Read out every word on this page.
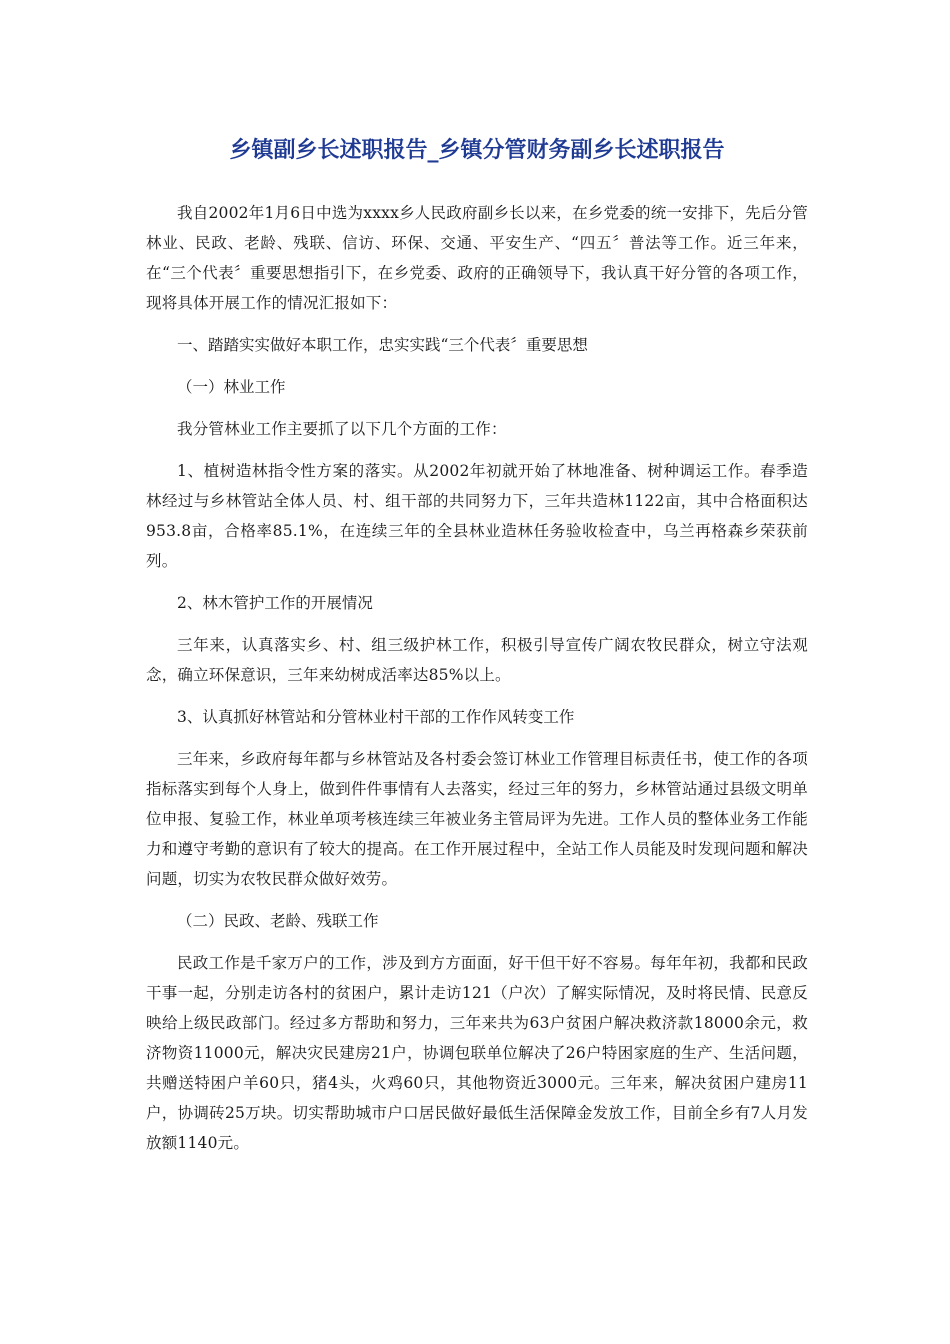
乡镇副乡长述职报告_乡镇分管财务副乡长述职报告

我自2002年1月6日中选为xxxx乡人民政府副乡长以来，在乡党委的统一安排下，先后分管林业、民政、老龄、残联、信访、环保、交通、平安生产、“四五〞普法等工作。近三年来，在“三个代表〞重要思想指引下，在乡党委、政府的正确领导下，我认真干好分管的各项工作，现将具体开展工作的情况汇报如下：

一、踏踏实实做好本职工作，忠实实践“三个代表〞重要思想

（一）林业工作

我分管林业工作主要抓了以下几个方面的工作：

1、植树造林指令性方案的落实。从2002年初就开始了林地准备、树种调运工作。春季造林经过与乡林管站全体人员、村、组干部的共同努力下，三年共造林1122亩，其中合格面积达953.8亩，合格率85.1%，在连续三年的全县林业造林任务验收检查中，乌兰再格森乡荣获前列。

2、林木管护工作的开展情况

三年来，认真落实乡、村、组三级护林工作，积极引导宣传广阔农牧民群众，树立守法观念，确立环保意识，三年来幼树成活率达85%以上。

3、认真抓好林管站和分管林业村干部的工作作风转变工作

三年来，乡政府每年都与乡林管站及各村委会签订林业工作管理目标责任书，使工作的各项指标落实到每个人身上，做到件件事情有人去落实，经过三年的努力，乡林管站通过县级文明单位申报、复验工作，林业单项考核连续三年被业务主管局评为先进。工作人员的整体业务工作能力和遵守考勤的意识有了较大的提高。在工作开展过程中，全站工作人员能及时发现问题和解决问题，切实为农牧民群众做好效劳。

（二）民政、老龄、残联工作

民政工作是千家万户的工作，涉及到方方面面，好干但干好不容易。每年年初，我都和民政干事一起，分别走访各村的贫困户，累计走访121（户次）了解实际情况，及时将民情、民意反映给上级民政部门。经过多方帮助和努力，三年来共为63户贫困户解决救济款18000余元，救济物资11000元，解决灾民建房21户，协调包联单位解决了26户特困家庭的生产、生活问题，共赠送特困户羊60只，猪4头，火鸡60只，其他物资近3000元。三年来，解决贫困户建房11户，协调砖25万块。切实帮助城市户口居民做好最低生活保障金发放工作，目前全乡有7人月发放额1140元。
